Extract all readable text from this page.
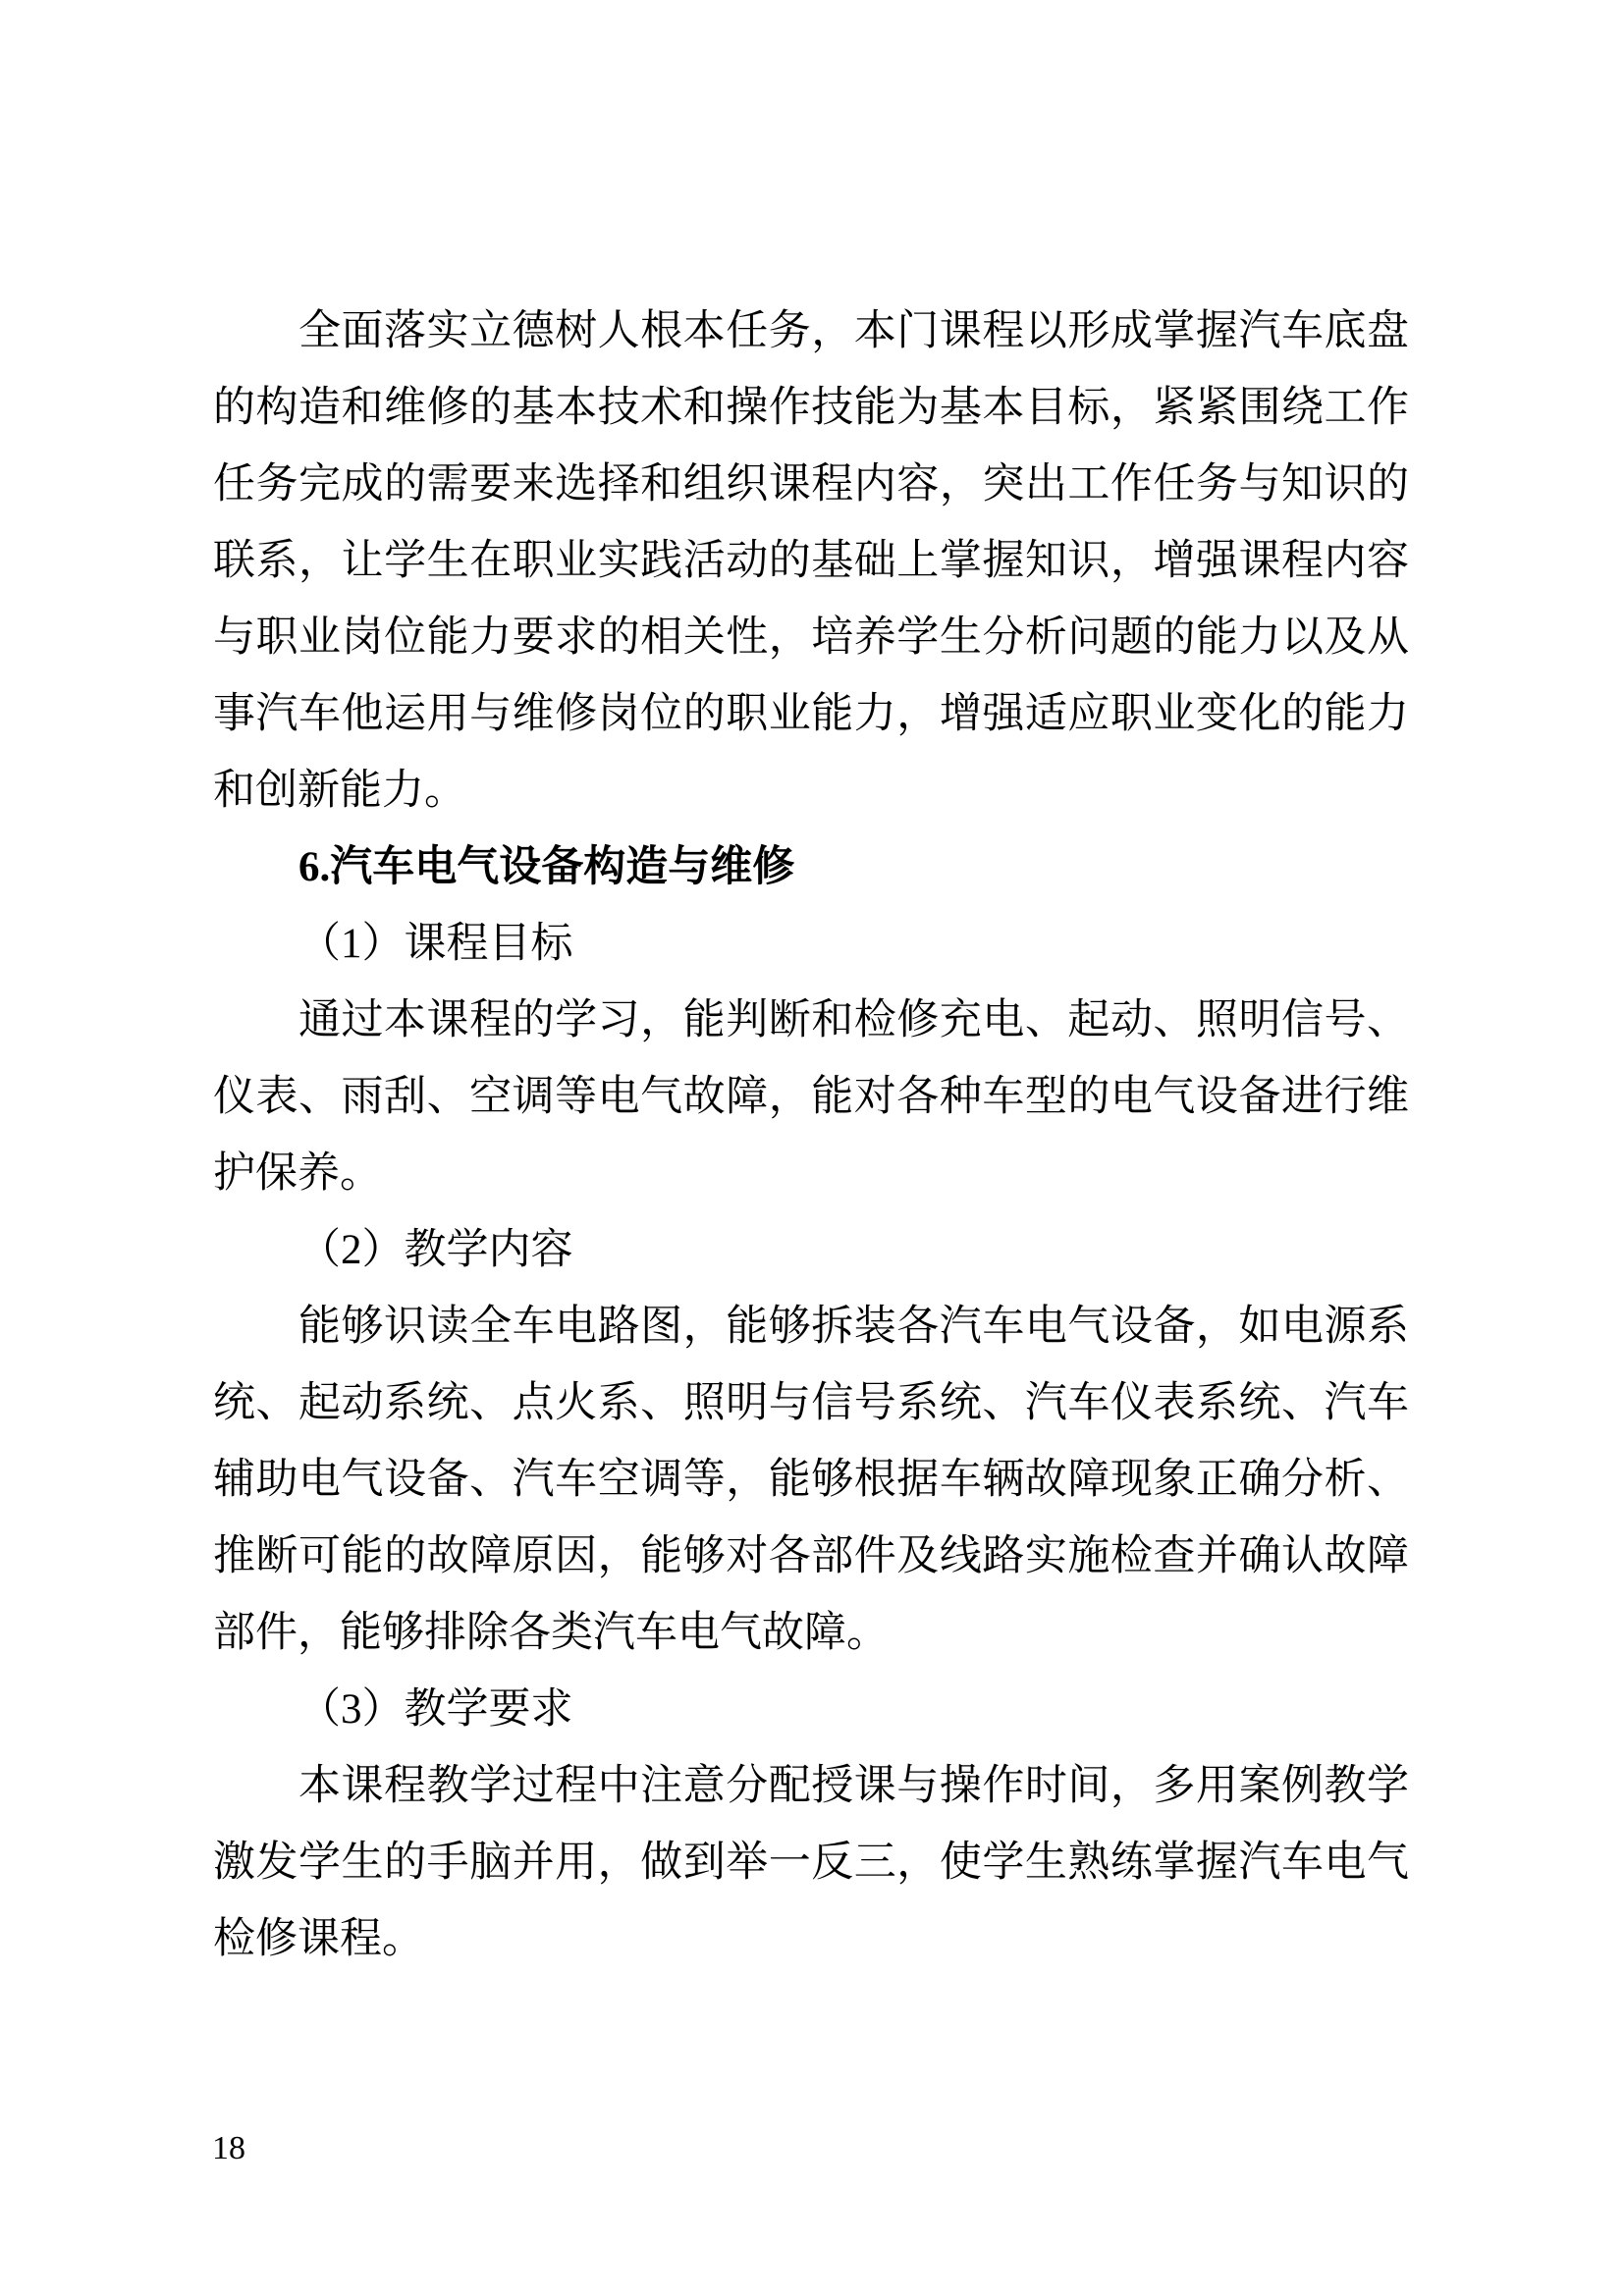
全面落实立德树人根本任务，本门课程以形成掌握汽车底盘

的构造和维修的基本技术和操作技能为基本目标，紧紧围绕工作

任务完成的需要来选择和组织课程内容，突出工作任务与知识的

联系，让学生在职业实践活动的基础上掌握知识，增强课程内容

与职业岗位能力要求的相关性，培养学生分析问题的能力以及从

事汽车他运用与维修岗位的职业能力，增强适应职业变化的能力

和创新能力。

6.汽车电气设备构造与维修

（1）课程目标

通过本课程的学习，能判断和检修充电、起动、照明信号、

仪表、雨刮、空调等电气故障，能对各种车型的电气设备进行维

护保养。

（2）教学内容

能够识读全车电路图，能够拆装各汽车电气设备，如电源系

统、起动系统、点火系、照明与信号系统、汽车仪表系统、汽车

辅助电气设备、汽车空调等，能够根据车辆故障现象正确分析、

推断可能的故障原因，能够对各部件及线路实施检查并确认故障

部件，能够排除各类汽车电气故障。

（3）教学要求

本课程教学过程中注意分配授课与操作时间，多用案例教学

激发学生的手脑并用，做到举一反三，使学生熟练掌握汽车电气

检修课程。

18
